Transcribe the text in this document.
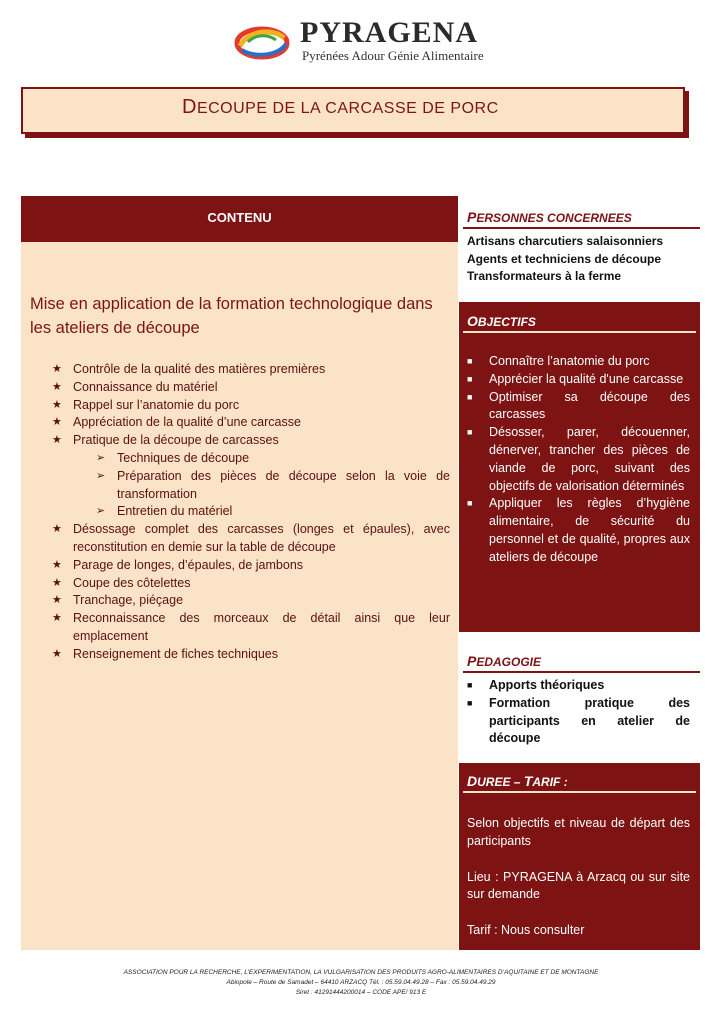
PYRAGENA
Pyrénées Adour Génie Alimentaire
DECOUPE DE LA CARCASSE DE PORC
CONTENU
Mise en application de la formation technologique dans les ateliers de découpe
★ Contrôle de la qualité des matières premières
★ Connaissance du matériel
★ Rappel sur l’anatomie du porc
★ Appréciation de la qualité d’une carcasse
★ Pratique de la découpe de carcasses
➢ Techniques de découpe
➢ Préparation des pièces de découpe selon la voie de transformation
➢ Entretien du matériel
★ Désossage complet des carcasses (longes et épaules), avec reconstitution en demie sur la table de découpe
★ Parage de longes, d’épaules, de jambons
★ Coupe des côtelettes
★ Tranchage, piéçage
★ Reconnaissance des morceaux de détail ainsi que leur emplacement
★ Renseignement de fiches techniques
PERSONNES CONCERNEES
Artisans charcutiers salaisonniers
Agents et techniciens de découpe
Transformateurs à la ferme
OBJECTIFS
■ Connaître l’anatomie du porc
■ Apprécier la qualité d'une carcasse
■ Optimiser sa découpe des carcasses
■ Désosser, parer, découenner, dénerver, trancher des pièces de viande de porc, suivant des objectifs de valorisation déterminés
■ Appliquer les règles d’hygiène alimentaire, de sécurité du personnel et de qualité, propres aux ateliers de découpe
PEDAGOGIE
■ Apports théoriques
■ Formation pratique des participants en atelier de découpe
DUREE – TARIF :

Selon objectifs et niveau de départ des participants

Lieu : PYRAGENA à Arzacq ou sur site sur demande

Tarif : Nous consulter

ASSOCIATION POUR LA RECHERCHE, L’EXPERIMENTATION, LA VULGARISATION DES PRODUITS AGRO-ALIMENTAIRES D’AQUITAINE ET DE MONTAGNE
Abiopole – Route de Samadet – 64410 ARZACQ Tél. : 05.59.04.49.28 – Fax : 05.59.04.49.29
Siret : 41291444200014 – CODE APE/ 913 E
